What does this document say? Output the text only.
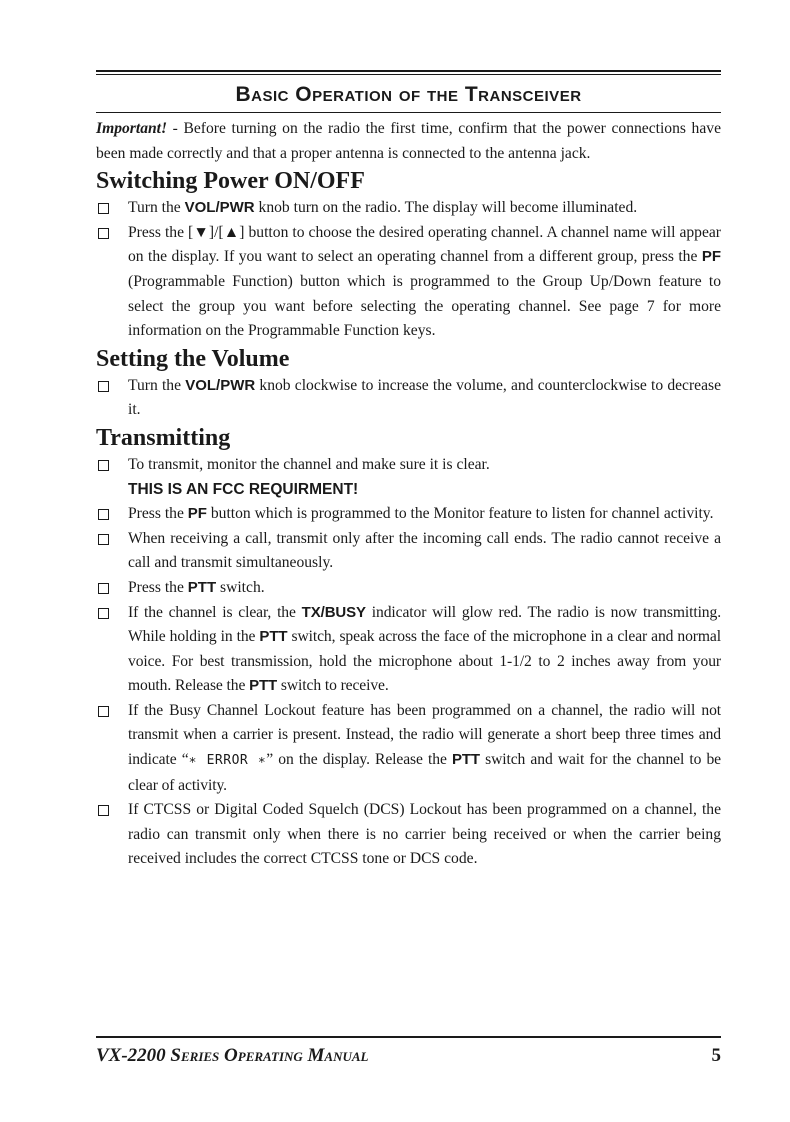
Basic Operation of the Transceiver

Important! - Before turning on the radio the first time, confirm that the power connections have been made correctly and that a proper antenna is connected to the antenna jack.

Switching Power ON/OFF
Turn the VOL/PWR knob turn on the radio. The display will become illuminated.
Press the [▼]/[▲] button to choose the desired operating channel. A channel name will appear on the display. If you want to select an operating channel from a different group, press the PF (Programmable Function) button which is programmed to the Group Up/Down feature to select the group you want before selecting the operating channel. See page 7 for more information on the Programmable Function keys.
Setting the Volume
Turn the VOL/PWR knob clockwise to increase the volume, and counterclockwise to decrease it.
Transmitting
To transmit, monitor the channel and make sure it is clear.
THIS IS AN FCC REQUIRMENT!
Press the PF button which is programmed to the Monitor feature to listen for channel activity.
When receiving a call, transmit only after the incoming call ends. The radio cannot receive a call and transmit simultaneously.
Press the PTT switch.
If the channel is clear, the TX/BUSY indicator will glow red. The radio is now transmitting. While holding in the PTT switch, speak across the face of the microphone in a clear and normal voice. For best transmission, hold the microphone about 1-1/2 to 2 inches away from your mouth. Release the PTT switch to receive.
If the Busy Channel Lockout feature has been programmed on a channel, the radio will not transmit when a carrier is present. Instead, the radio will generate a short beep three times and indicate “∗ ERROR ∗” on the display. Release the PTT switch and wait for the channel to be clear of activity.
If CTCSS or Digital Coded Squelch (DCS) Lockout has been programmed on a channel, the radio can transmit only when there is no carrier being received or when the carrier being received includes the correct CTCSS tone or DCS code.
VX-2200 Series Operating Manual	5
